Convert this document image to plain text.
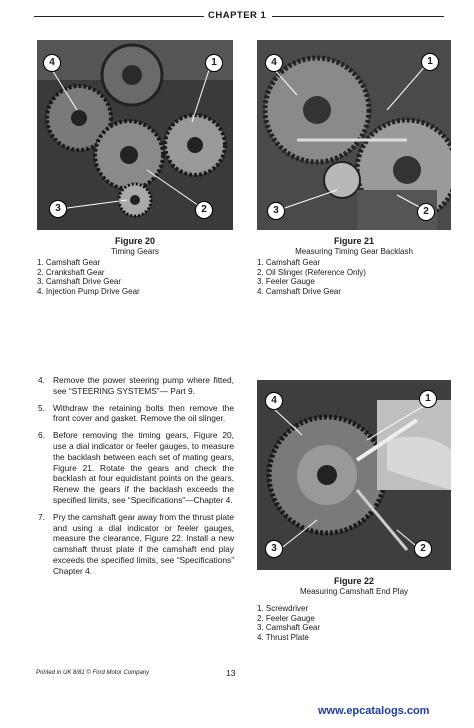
CHAPTER 1
1
2
3
4	1
2
3
4
Figure 20
Timing Gears
1. Camshaft Gear
2. Crankshaft Gear
3. Camshaft Drive Gear
4. Injection Pump Drive Gear
Figure 21
Measuring Timing Gear Backlash
1. Camshaft Gear
2. Oil Slinger (Reference Only)
3. Feeler Gauge
4. Camshaft Drive Gear
4. Remove the power steering pump where fitted, see “STEERING SYSTEMS”— Part 9.
5. Withdraw the retaining bolts then remove the front cover and gasket. Remove the oil slinger.
6. Before removing the timing gears, Figure 20, use a dial indicator or feeler gauges, to measure the backlash between each set of mating gears, Figure 21. Rotate the gears and check the backlash at four equidistant points on the gears. Renew the gears if the backlash exceeds the specified limits, see “Specifications”—Chapter 4.
7. Pry the camshaft gear away from the thrust plate and using a dial indicator or feeler gauges, measure the clearance, Figure 22. Install a new camshaft thrust plate if the camshaft end play exceeds the specified limits, see “Specifications” Chapter 4.
1
2
3
4
Figure 22
Measuring Camshaft End Play
1. Screwdriver
2. Feeler Gauge
3. Camshaft Gear
4. Thrust Plate
Printed in UK 8/81 © Ford Motor Company	13
www.epcatalogs.com
